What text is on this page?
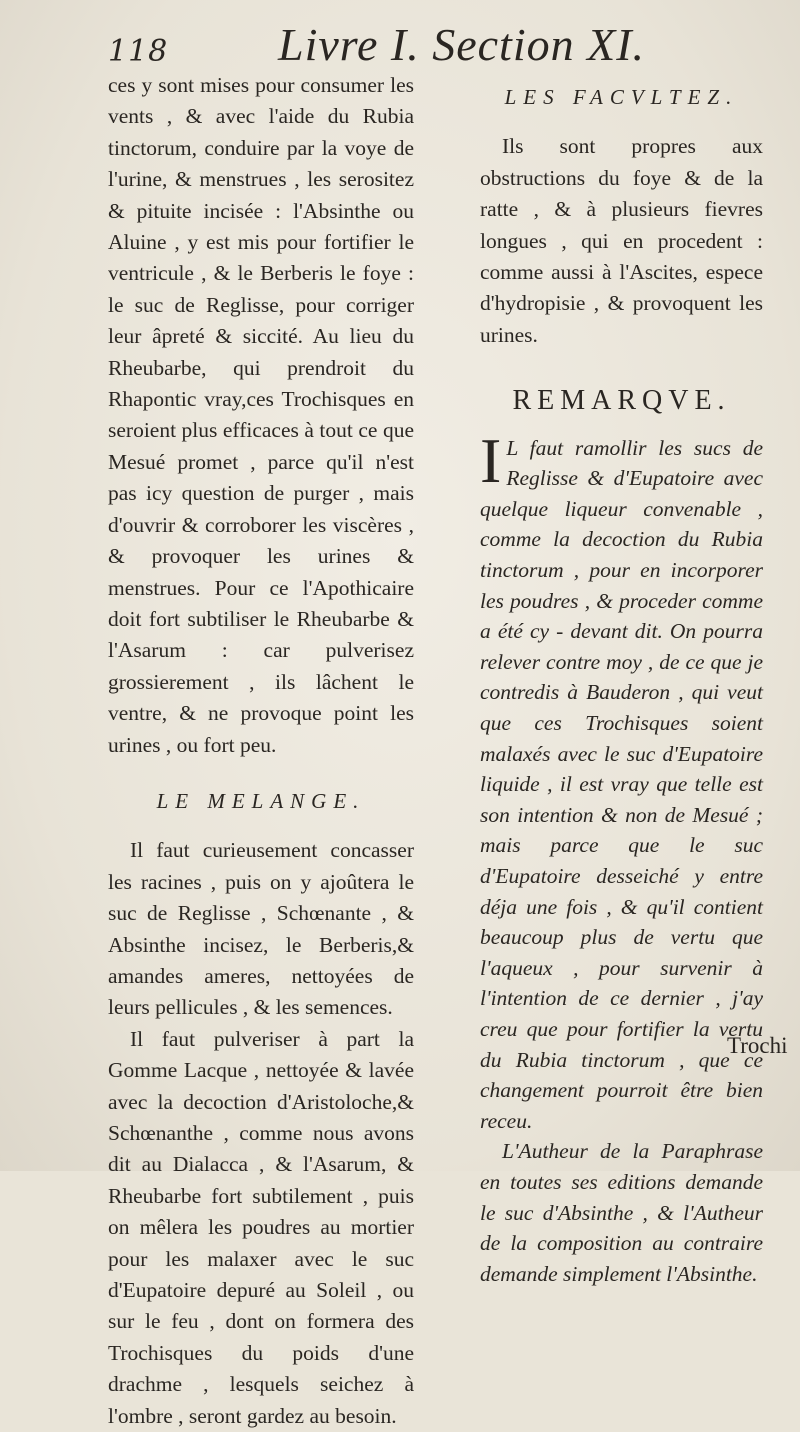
118 Livre I. Section XI.

ces y sont mises pour consumer les vents , & avec l'aide du Rubia tinctorum, conduire par la voye de l'urine, & menstrues , les serositez & pituite incisée : l'Absinthe ou Aluine , y est mis pour fortifier le ventricule , & le Berberis le foye : le suc de Reglisse, pour corriger leur âpreté & siccité. Au lieu du Rheubarbe, qui prendroit du Rhapontic vray,ces Trochisques en seroient plus efficaces à tout ce que Mesué promet , parce qu'il n'est pas icy question de purger , mais d'ouvrir & corroborer les viscères , & provoquer les urines & menstrues. Pour ce l'Apothicaire doit fort subtiliser le Rheubarbe & l'Asarum : car pulverisez grossierement , ils lâchent le ventre, & ne provoque point les urines , ou fort peu.

LE MELANGE.

Il faut curieusement concasser les racines , puis on y ajoûtera le suc de Reglisse , Schœnante , & Absinthe incisez, le Berberis,& amandes ameres, nettoyées de leurs pellicules , & les semences.

Il faut pulveriser à part la Gomme Lacque , nettoyée & lavée avec la decoction d'Aristoloche,& Schœnanthe , comme nous avons dit au Dialacca , & l'Asarum, & Rheubarbe fort subtilement , puis on mêlera les poudres au mortier pour les malaxer avec le suc d'Eupatoire depuré au Soleil , ou sur le feu , dont on formera des Trochisques du poids d'une drachme , lesquels seichez à l'ombre , seront gardez au besoin.

LES FACVLTEZ.

Ils sont propres aux obstructions du foye & de la ratte , & à plusieurs fievres longues , qui en procedent : comme aussi à l'Ascites, espece d'hydropisie , & provoquent les urines.

REMARQVE.

I L faut ramollir les sucs de Reglisse & d'Eupatoire avec quelque liqueur convenable , comme la decoction du Rubia tinctorum , pour en incorporer les poudres , & proceder comme a été cy - devant dit. On pourra relever contre moy , de ce que je contredis à Bauderon , qui veut que ces Trochisques soient malaxés avec le suc d'Eupatoire liquide , il est vray que telle est son intention & non de Mesué ; mais parce que le suc d'Eupatoire desseiché y entre déja une fois , & qu'il contient beaucoup plus de vertu que l'aqueux , pour survenir à l'intention de ce dernier , j'ay creu que pour fortifier la vertu du Rubia tinctorum , que ce changement pourroit être bien receu.

L'Autheur de la Paraphrase en toutes ses editions demande le suc d'Absinthe , & l'Autheur de la composition au contraire demande simplement l'Absinthe.

Trochi
